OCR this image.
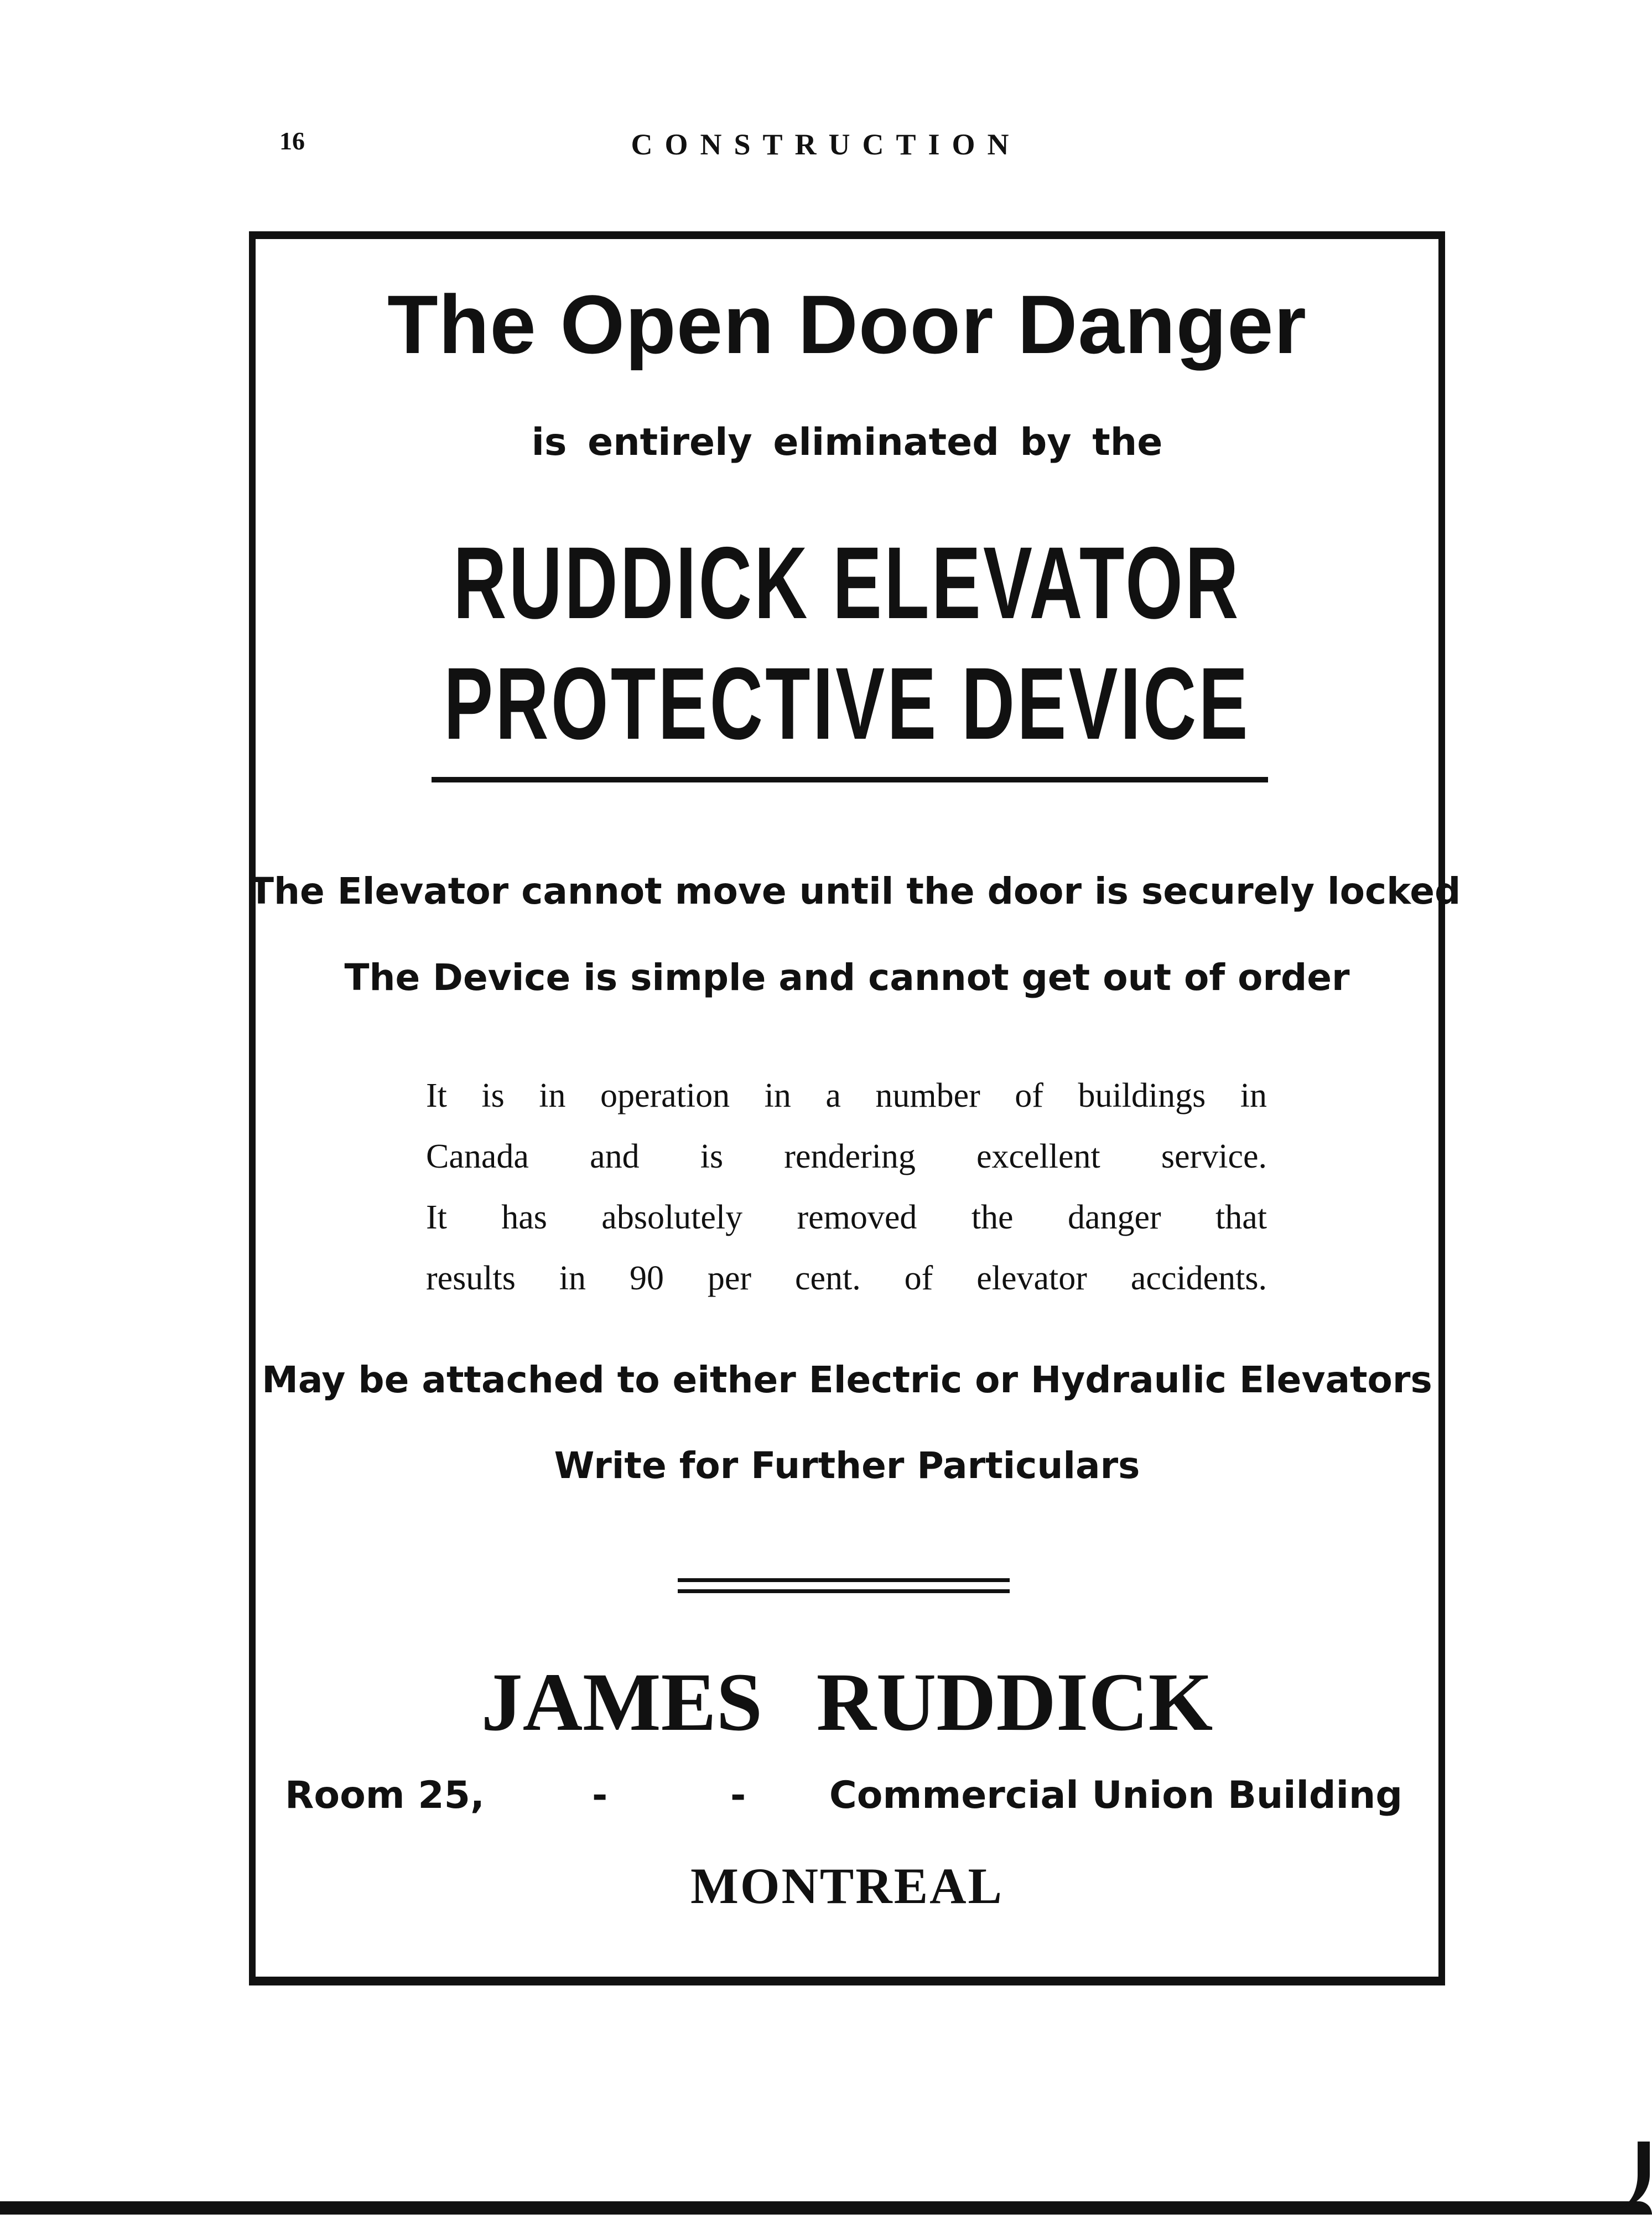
16	CONSTRUCTION
The Open Door Danger
is entirely eliminated by the
RUDDICK ELEVATOR
PROTECTIVE DEVICE
The Elevator cannot move until the door is securely locked
The Device is simple and cannot get out of order
It is in operation in a number of buildings in
Canada and is rendering excellent service.
It has absolutely removed the danger that
results in 90 per cent. of elevator accidents.
May be attached to either Electric or Hydraulic Elevators
Write for Further Particulars
JAMES RUDDICK
Room 25,	-	- Commercial Union Building
MONTREAL
